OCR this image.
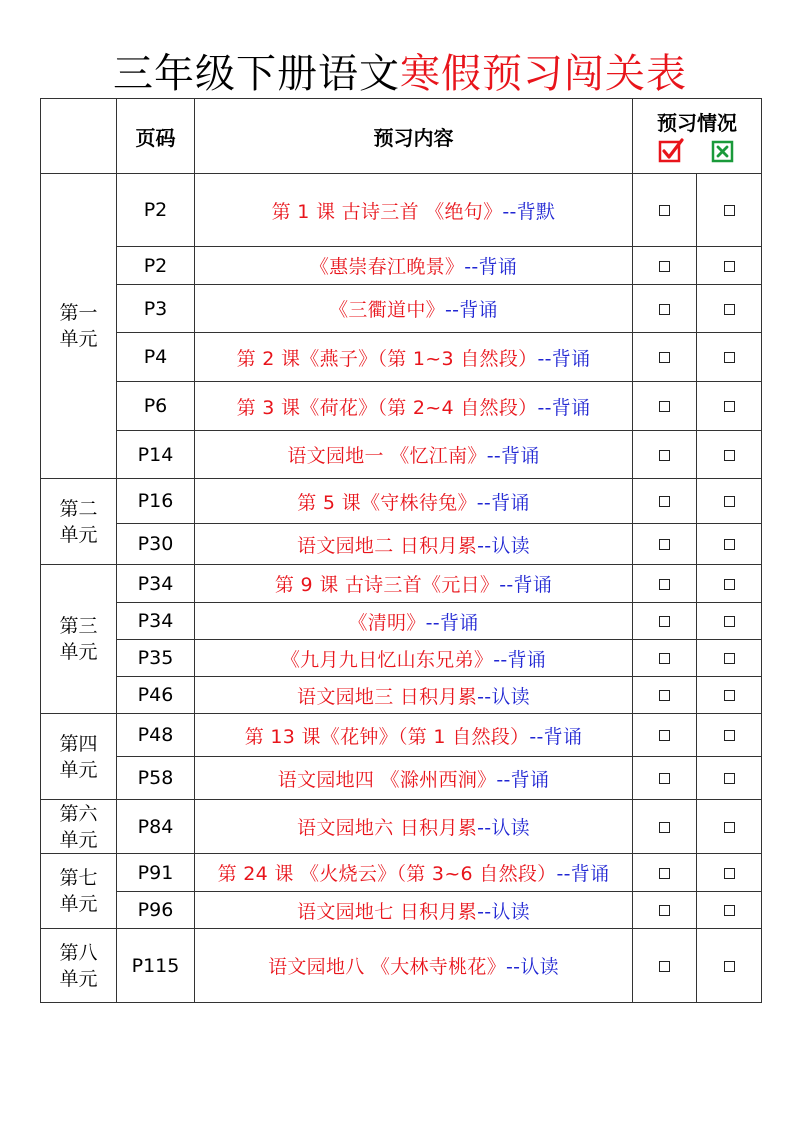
三年级下册语文寒假预习闯关表
	页码	预习内容	预习情况	

第一
单元	P2	第 1 课 古诗三首 《绝句》--背默		
	P2	《惠崇春江晚景》--背诵		
	P3	《三衢道中》--背诵		
	P4	第 2 课《燕子》（第 1~3 自然段）--背诵		
	P6	第 3 课《荷花》（第 2~4 自然段）--背诵		
	P14	语文园地一 《忆江南》--背诵		

第二
单元	P16	第 5 课《守株待兔》--背诵		
	P30	语文园地二 日积月累--认读		

第三
单元	P34	第 9 课 古诗三首《元日》--背诵		
	P34	《清明》--背诵		
	P35	《九月九日忆山东兄弟》--背诵		
	P46	语文园地三 日积月累--认读		

第四
单元	P48	第 13 课《花钟》（第 1 自然段）--背诵		
	P58	语文园地四 《滁州西涧》--背诵		

第六
单元	P84	语文园地六 日积月累--认读		

第七
单元	P91	第 24 课 《火烧云》（第 3~6 自然段）--背诵		
	P96	语文园地七 日积月累--认读		

第八
单元	P115	语文园地八 《大林寺桃花》--认读		
